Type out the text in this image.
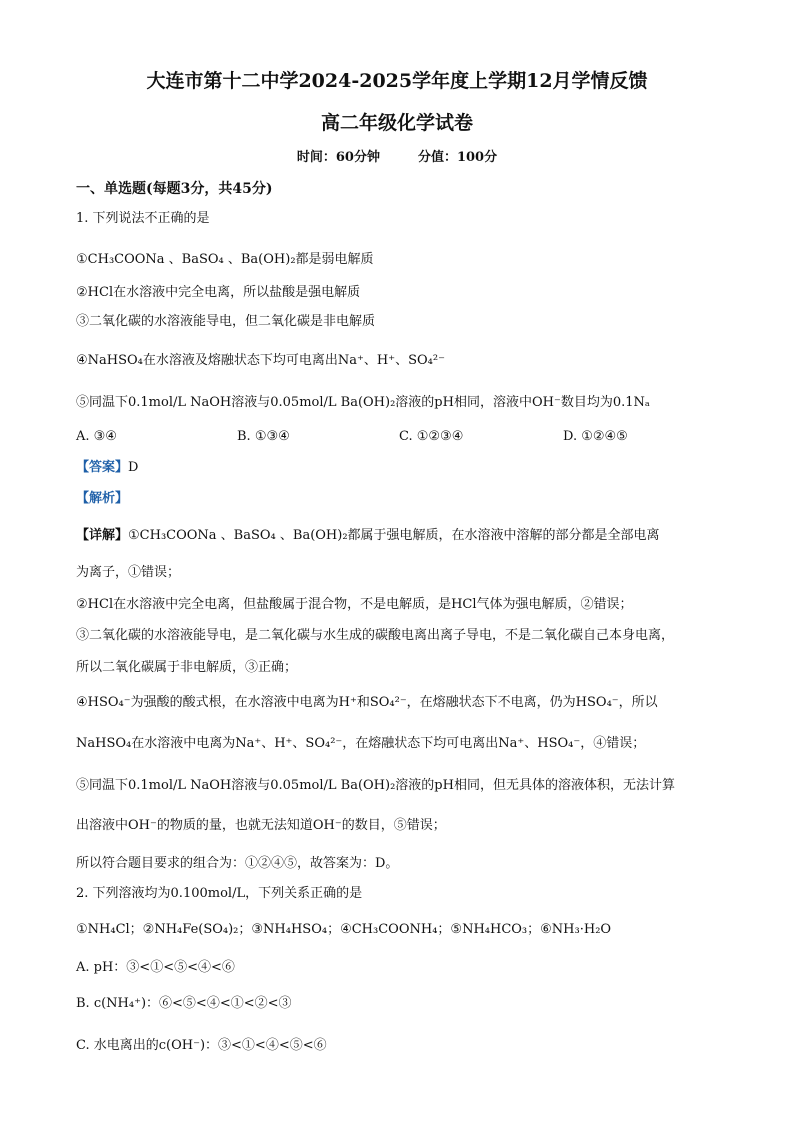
大连市第十二中学2024-2025学年度上学期12月学情反馈
高二年级化学试卷
时间：60分钟	分值：100分
一、单选题(每题3分，共45分)
1. 下列说法不正确的是
①CH₃COONa 、BaSO₄ 、Ba(OH)₂都是弱电解质
②HCl在水溶液中完全电离，所以盐酸是强电解质
③二氧化碳的水溶液能导电，但二氧化碳是非电解质
④NaHSO₄在水溶液及熔融状态下均可电离出Na⁺、H⁺、SO₄²⁻
⑤同温下0.1mol/L NaOH溶液与0.05mol/L Ba(OH)₂溶液的pH相同，溶液中OH⁻数目均为0.1Nₐ
A. ③④	B. ①③④	C. ①②③④	D. ①②④⑤
【答案】D
【解析】
【详解】①CH₃COONa 、BaSO₄ 、Ba(OH)₂都属于强电解质，在水溶液中溶解的部分都是全部电离
为离子，①错误；
②HCl在水溶液中完全电离，但盐酸属于混合物，不是电解质，是HCl气体为强电解质，②错误；
③二氧化碳的水溶液能导电，是二氧化碳与水生成的碳酸电离出离子导电，不是二氧化碳自己本身电离，
所以二氧化碳属于非电解质，③正确；
④HSO₄⁻为强酸的酸式根，在水溶液中电离为H⁺和SO₄²⁻，在熔融状态下不电离，仍为HSO₄⁻，所以
NaHSO₄在水溶液中电离为Na⁺、H⁺、SO₄²⁻，在熔融状态下均可电离出Na⁺、HSO₄⁻，④错误；
⑤同温下0.1mol/L NaOH溶液与0.05mol/L Ba(OH)₂溶液的pH相同，但无具体的溶液体积，无法计算
出溶液中OH⁻的物质的量，也就无法知道OH⁻的数目，⑤错误；
所以符合题目要求的组合为：①②④⑤，故答案为：D。
2. 下列溶液均为0.100mol/L，下列关系正确的是
①NH₄Cl；②NH₄Fe(SO₄)₂；③NH₄HSO₄；④CH₃COONH₄；⑤NH₄HCO₃；⑥NH₃·H₂O
A. pH：③<①<⑤<④<⑥
B. c(NH₄⁺)：⑥<⑤<④<①<②<③
C. 水电离出的c(OH⁻)：③<①<④<⑤<⑥
